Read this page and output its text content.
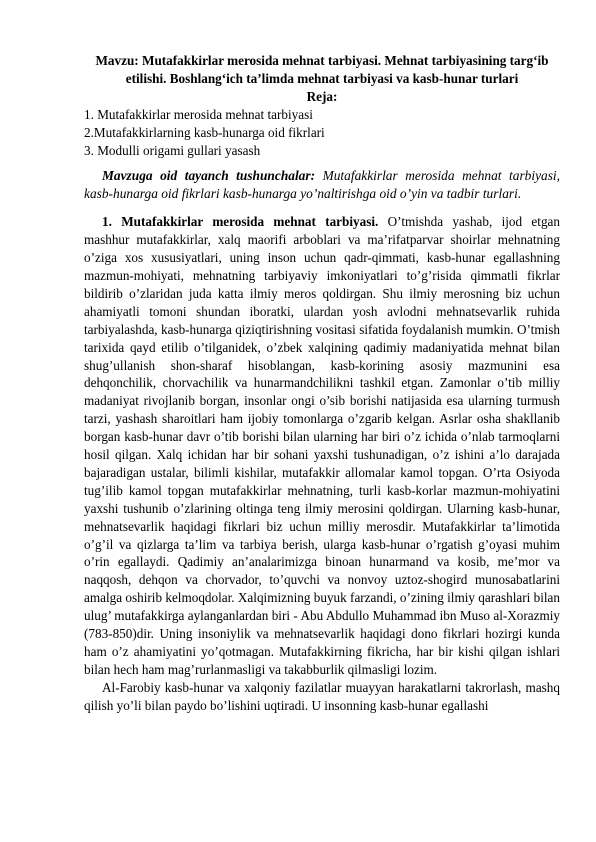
Mavzu: Mutafakkirlar merosida mehnat tarbiyasi. Mehnat tarbiyasining targ‘ib etilishi. Boshlang‘ich ta’limda mehnat tarbiyasi va kasb-hunar turlari

Reja:

1. Mutafakkirlar merosida mehnat tarbiyasi
2.Mutafakkirlarning kasb-hunarga oid fikrlari
3. Modulli origami gullari yasash

Mavzuga oid tayanch tushunchalar: Mutafakkirlar merosida mehnat tarbiyasi, kasb-hunarga oid fikrlari kasb-hunarga yo’naltirishga oid o’yin va tadbir turlari.

1. Mutafakkirlar merosida mehnat tarbiyasi. O’tmishda yashab, ijod etgan mashhur mutafakkirlar, xalq maorifi arboblari va ma’rifatparvar shoirlar mehnatning o’ziga xos xususiyatlari, uning inson uchun qadr-qimmati, kasb-hunar egallashning mazmun-mohiyati, mehnatning tarbiyaviy imkoniyatlari to’g’risida qimmatli fikrlar bildirib o’zlaridan juda katta ilmiy meros qoldirgan. Shu ilmiy merosning biz uchun ahamiyatli tomoni shundan iboratki, ulardan yosh avlodni mehnatsevarlik ruhida tarbiyalashda, kasb-hunarga qiziqtirishning vositasi sifatida foydalanish mumkin. O’tmish tarixida qayd etilib o’tilganidek, o’zbek xalqining qadimiy madaniyatida mehnat bilan shug’ullanish shon-sharaf hisoblangan, kasb-korining asosiy mazmunini esa dehqonchilik, chorvachilik va hunarmandchilikni tashkil etgan. Zamonlar o’tib milliy madaniyat rivojlanib borgan, insonlar ongi o’sib borishi natijasida esa ularning turmush tarzi, yashash sharoitlari ham ijobiy tomonlarga o’zgarib kelgan. Asrlar osha shakllanib borgan kasb-hunar davr o’tib borishi bilan ularning har biri o’z ichida o’nlab tarmoqlarni hosil qilgan. Xalq ichidan har bir sohani yaxshi tushunadigan, o’z ishini a’lo darajada bajaradigan ustalar, bilimli kishilar, mutafakkir allomalar kamol topgan. O’rta Osiyoda tug’ilib kamol topgan mutafakkirlar mehnatning, turli kasb-korlar mazmun-mohiyatini yaxshi tushunib o’zlarining oltinga teng ilmiy merosini qoldirgan. Ularning kasb-hunar, mehnatsevarlik haqidagi fikrlari biz uchun milliy merosdir. Mutafakkirlar ta’limotida o’g’il va qizlarga ta’lim va tarbiya berish, ularga kasb-hunar o’rgatish g’oyasi muhim o’rin egallaydi. Qadimiy an’analarimizga binoan hunarmand va kosib, me’mor va naqqosh, dehqon va chorvador, to’quvchi va nonvoy uztoz-shogird munosabatlarini amalga oshirib kelmoqdolar. Xalqimizning buyuk farzandi, o’zining ilmiy qarashlari bilan ulug’ mutafakkirga aylanganlardan biri - Abu Abdullo Muhammad ibn Muso al-Xorazmiy (783-850)dir. Uning insoniylik va mehnatsevarlik haqidagi dono fikrlari hozirgi kunda ham o’z ahamiyatini yo’qotmagan. Mutafakkirning fikricha, har bir kishi qilgan ishlari bilan hech ham mag’rurlanmasligi va takabburlik qilmasligi lozim.

Al-Farobiy kasb-hunar va xalqoniy fazilatlar muayyan harakatlarni takrorlash, mashq qilish yo’li bilan paydo bo’lishini uqtiradi. U insonning kasb-hunar egallashi
